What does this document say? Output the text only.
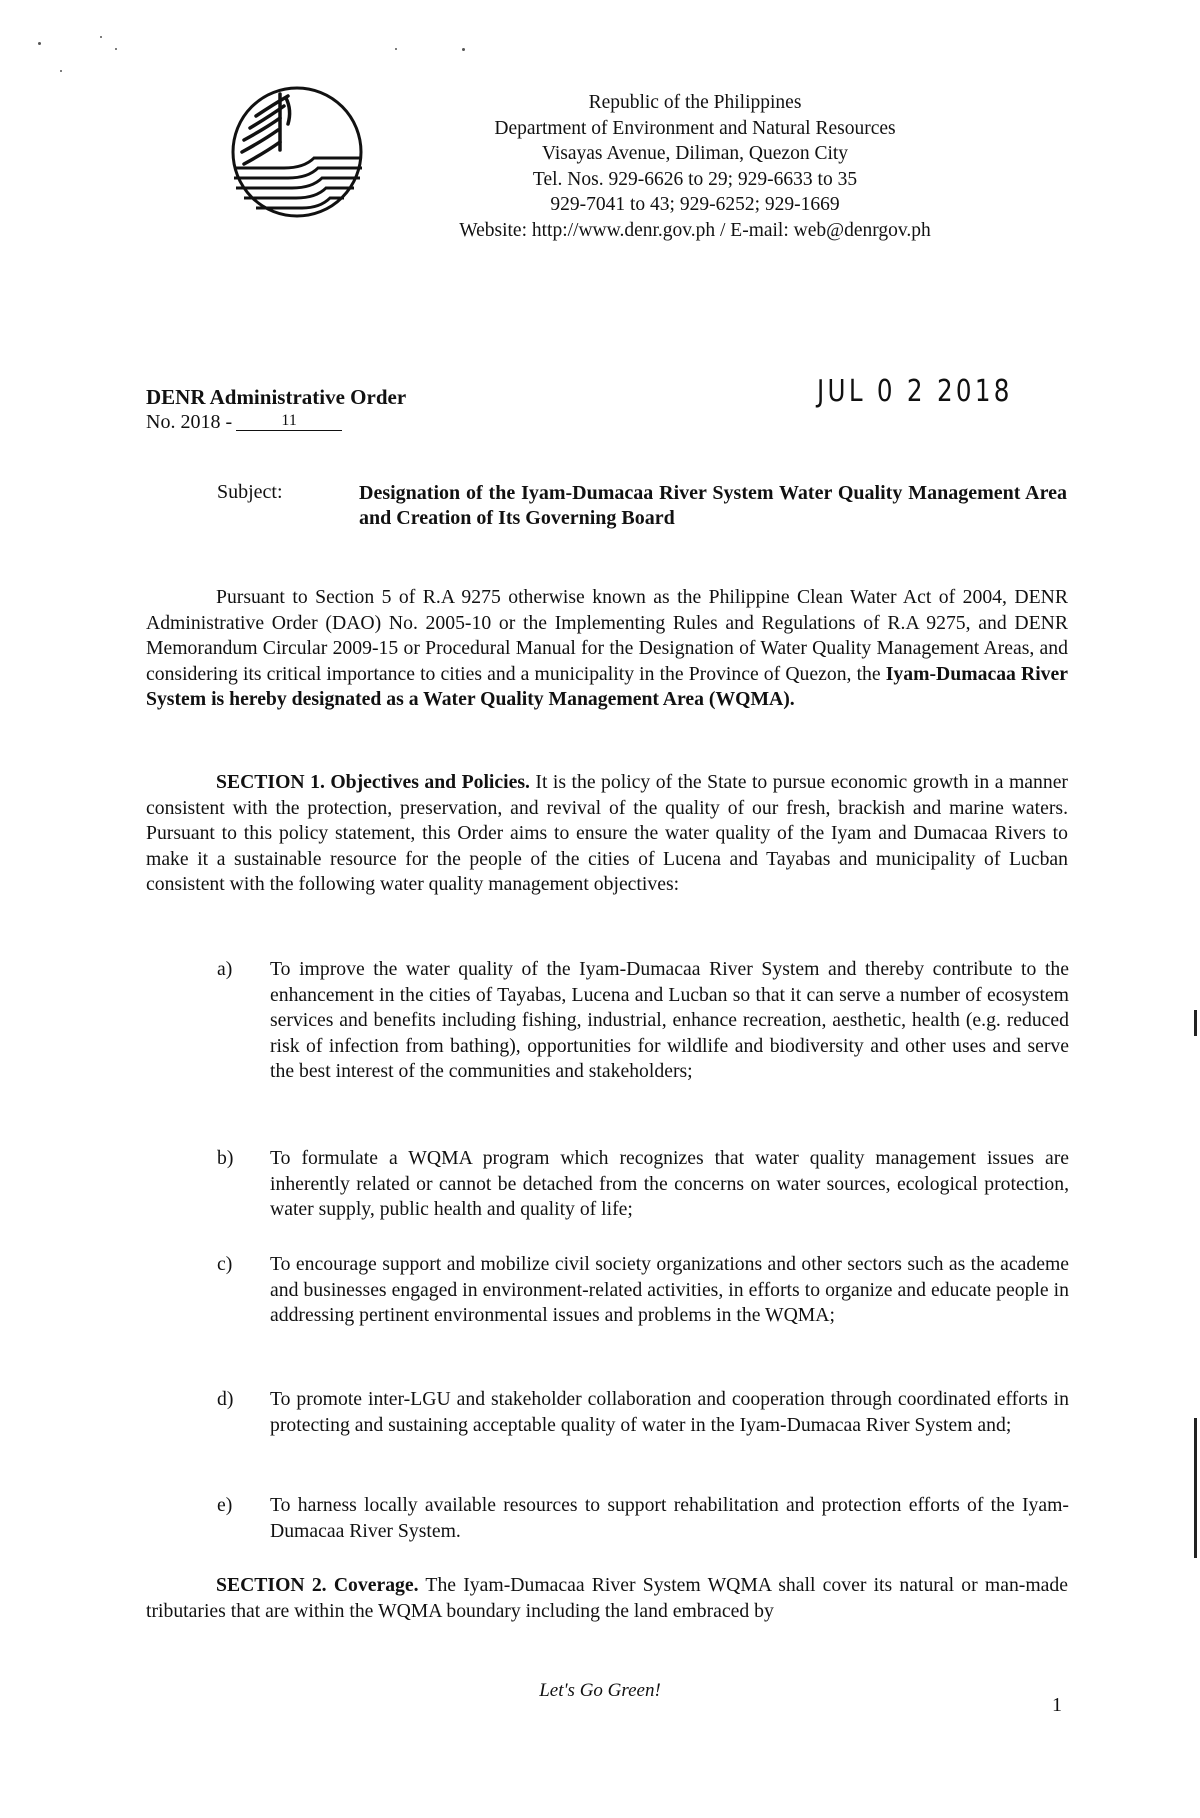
Republic of the Philippines
Department of Environment and Natural Resources
Visayas Avenue, Diliman, Quezon City
Tel. Nos. 929-6626 to 29; 929-6633 to 35
929-7041 to 43; 929-6252; 929-1669
Website: http://www.denr.gov.ph / E-mail: web@denrgov.ph
DENR Administrative Order
No. 2018 -	11
JUL 0 2 2018
Subject:	Designation of the Iyam-Dumacaa River System Water Quality Management Area and Creation of Its Governing Board
Pursuant to Section 5 of R.A 9275 otherwise known as the Philippine Clean Water Act of 2004, DENR Administrative Order (DAO) No. 2005-10 or the Implementing Rules and Regulations of R.A 9275, and DENR Memorandum Circular 2009-15 or Procedural Manual for the Designation of Water Quality Management Areas, and considering its critical importance to cities and a municipality in the Province of Quezon, the Iyam-Dumacaa River System is hereby designated as a Water Quality Management Area (WQMA).
SECTION 1. Objectives and Policies. It is the policy of the State to pursue economic growth in a manner consistent with the protection, preservation, and revival of the quality of our fresh, brackish and marine waters. Pursuant to this policy statement, this Order aims to ensure the water quality of the Iyam and Dumacaa Rivers to make it a sustainable resource for the people of the cities of Lucena and Tayabas and municipality of Lucban consistent with the following water quality management objectives:
a) To improve the water quality of the Iyam-Dumacaa River System and thereby contribute to the enhancement in the cities of Tayabas, Lucena and Lucban so that it can serve a number of ecosystem services and benefits including fishing, industrial, enhance recreation, aesthetic, health (e.g. reduced risk of infection from bathing), opportunities for wildlife and biodiversity and other uses and serve the best interest of the communities and stakeholders;
b) To formulate a WQMA program which recognizes that water quality management issues are inherently related or cannot be detached from the concerns on water sources, ecological protection, water supply, public health and quality of life;
c) To encourage support and mobilize civil society organizations and other sectors such as the academe and businesses engaged in environment-related activities, in efforts to organize and educate people in addressing pertinent environmental issues and problems in the WQMA;
d) To promote inter-LGU and stakeholder collaboration and cooperation through coordinated efforts in protecting and sustaining acceptable quality of water in the Iyam-Dumacaa River System and;
e) To harness locally available resources to support rehabilitation and protection efforts of the Iyam-Dumacaa River System.
SECTION 2. Coverage. The Iyam-Dumacaa River System WQMA shall cover its natural or man-made tributaries that are within the WQMA boundary including the land embraced by
Let's Go Green!
1
